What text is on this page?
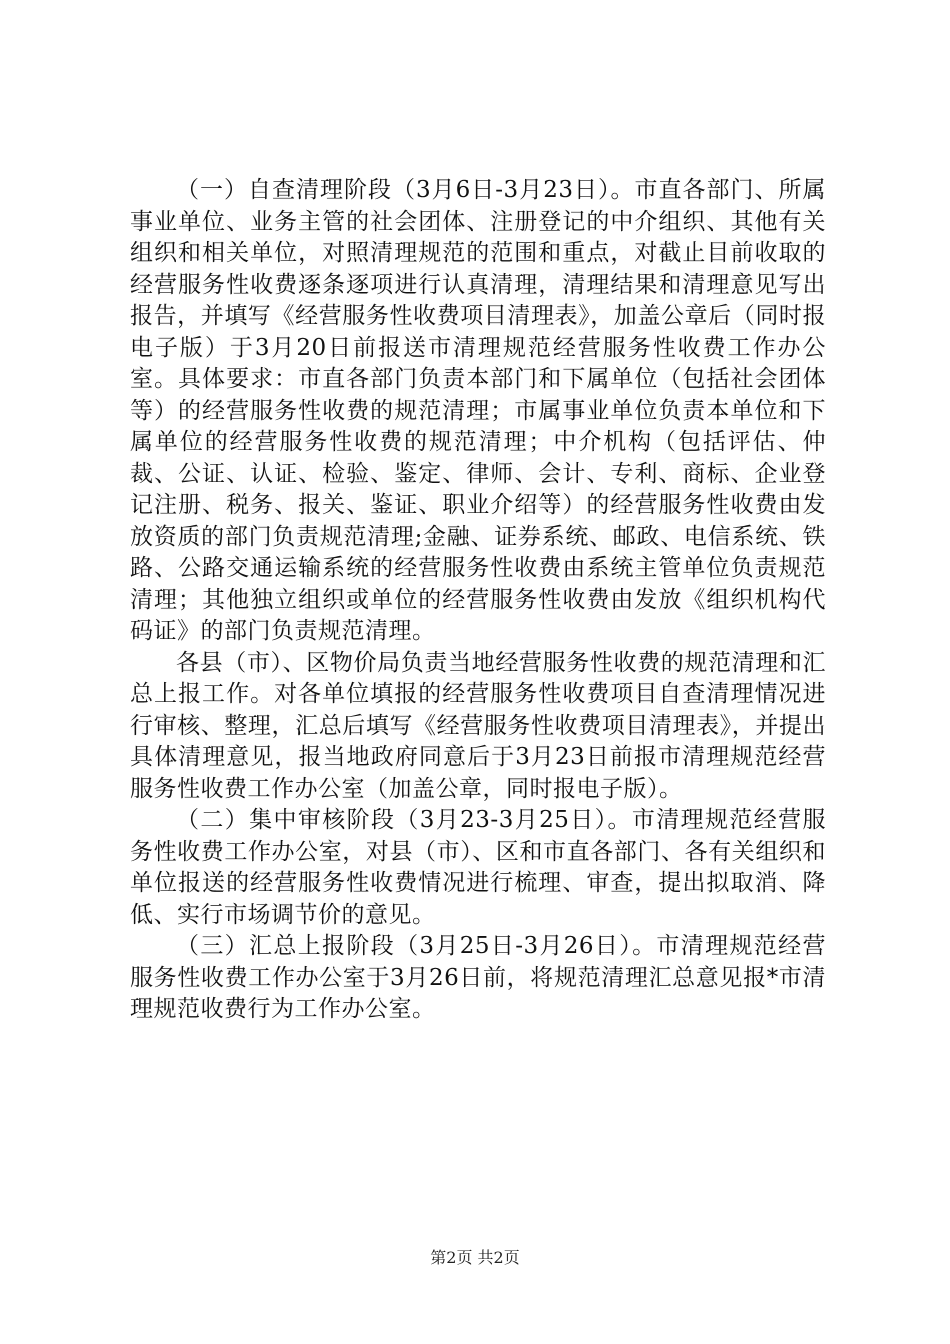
（一）自查清理阶段（3月6日-3月23日）。市直各部门、所属事业单位、业务主管的社会团体、注册登记的中介组织、其他有关组织和相关单位，对照清理规范的范围和重点，对截止目前收取的经营服务性收费逐条逐项进行认真清理，清理结果和清理意见写出报告，并填写《经营服务性收费项目清理表》，加盖公章后（同时报电子版）于3月20日前报送市清理规范经营服务性收费工作办公室。具体要求：市直各部门负责本部门和下属单位（包括社会团体等）的经营服务性收费的规范清理；市属事业单位负责本单位和下属单位的经营服务性收费的规范清理；中介机构（包括评估、仲裁、公证、认证、检验、鉴定、律师、会计、专利、商标、企业登记注册、税务、报关、鉴证、职业介绍等）的经营服务性收费由发放资质的部门负责规范清理;金融、证券系统、邮政、电信系统、铁路、公路交通运输系统的经营服务性收费由系统主管单位负责规范清理；其他独立组织或单位的经营服务性收费由发放《组织机构代码证》的部门负责规范清理。

各县（市）、区物价局负责当地经营服务性收费的规范清理和汇总上报工作。对各单位填报的经营服务性收费项目自查清理情况进行审核、整理，汇总后填写《经营服务性收费项目清理表》，并提出具体清理意见，报当地政府同意后于3月23日前报市清理规范经营服务性收费工作办公室（加盖公章，同时报电子版）。

（二）集中审核阶段（3月23-3月25日）。市清理规范经营服务性收费工作办公室，对县（市）、区和市直各部门、各有关组织和单位报送的经营服务性收费情况进行梳理、审查，提出拟取消、降低、实行市场调节价的意见。

（三）汇总上报阶段（3月25日-3月26日）。市清理规范经营服务性收费工作办公室于3月26日前，将规范清理汇总意见报*市清理规范收费行为工作办公室。

第2页 共2页
